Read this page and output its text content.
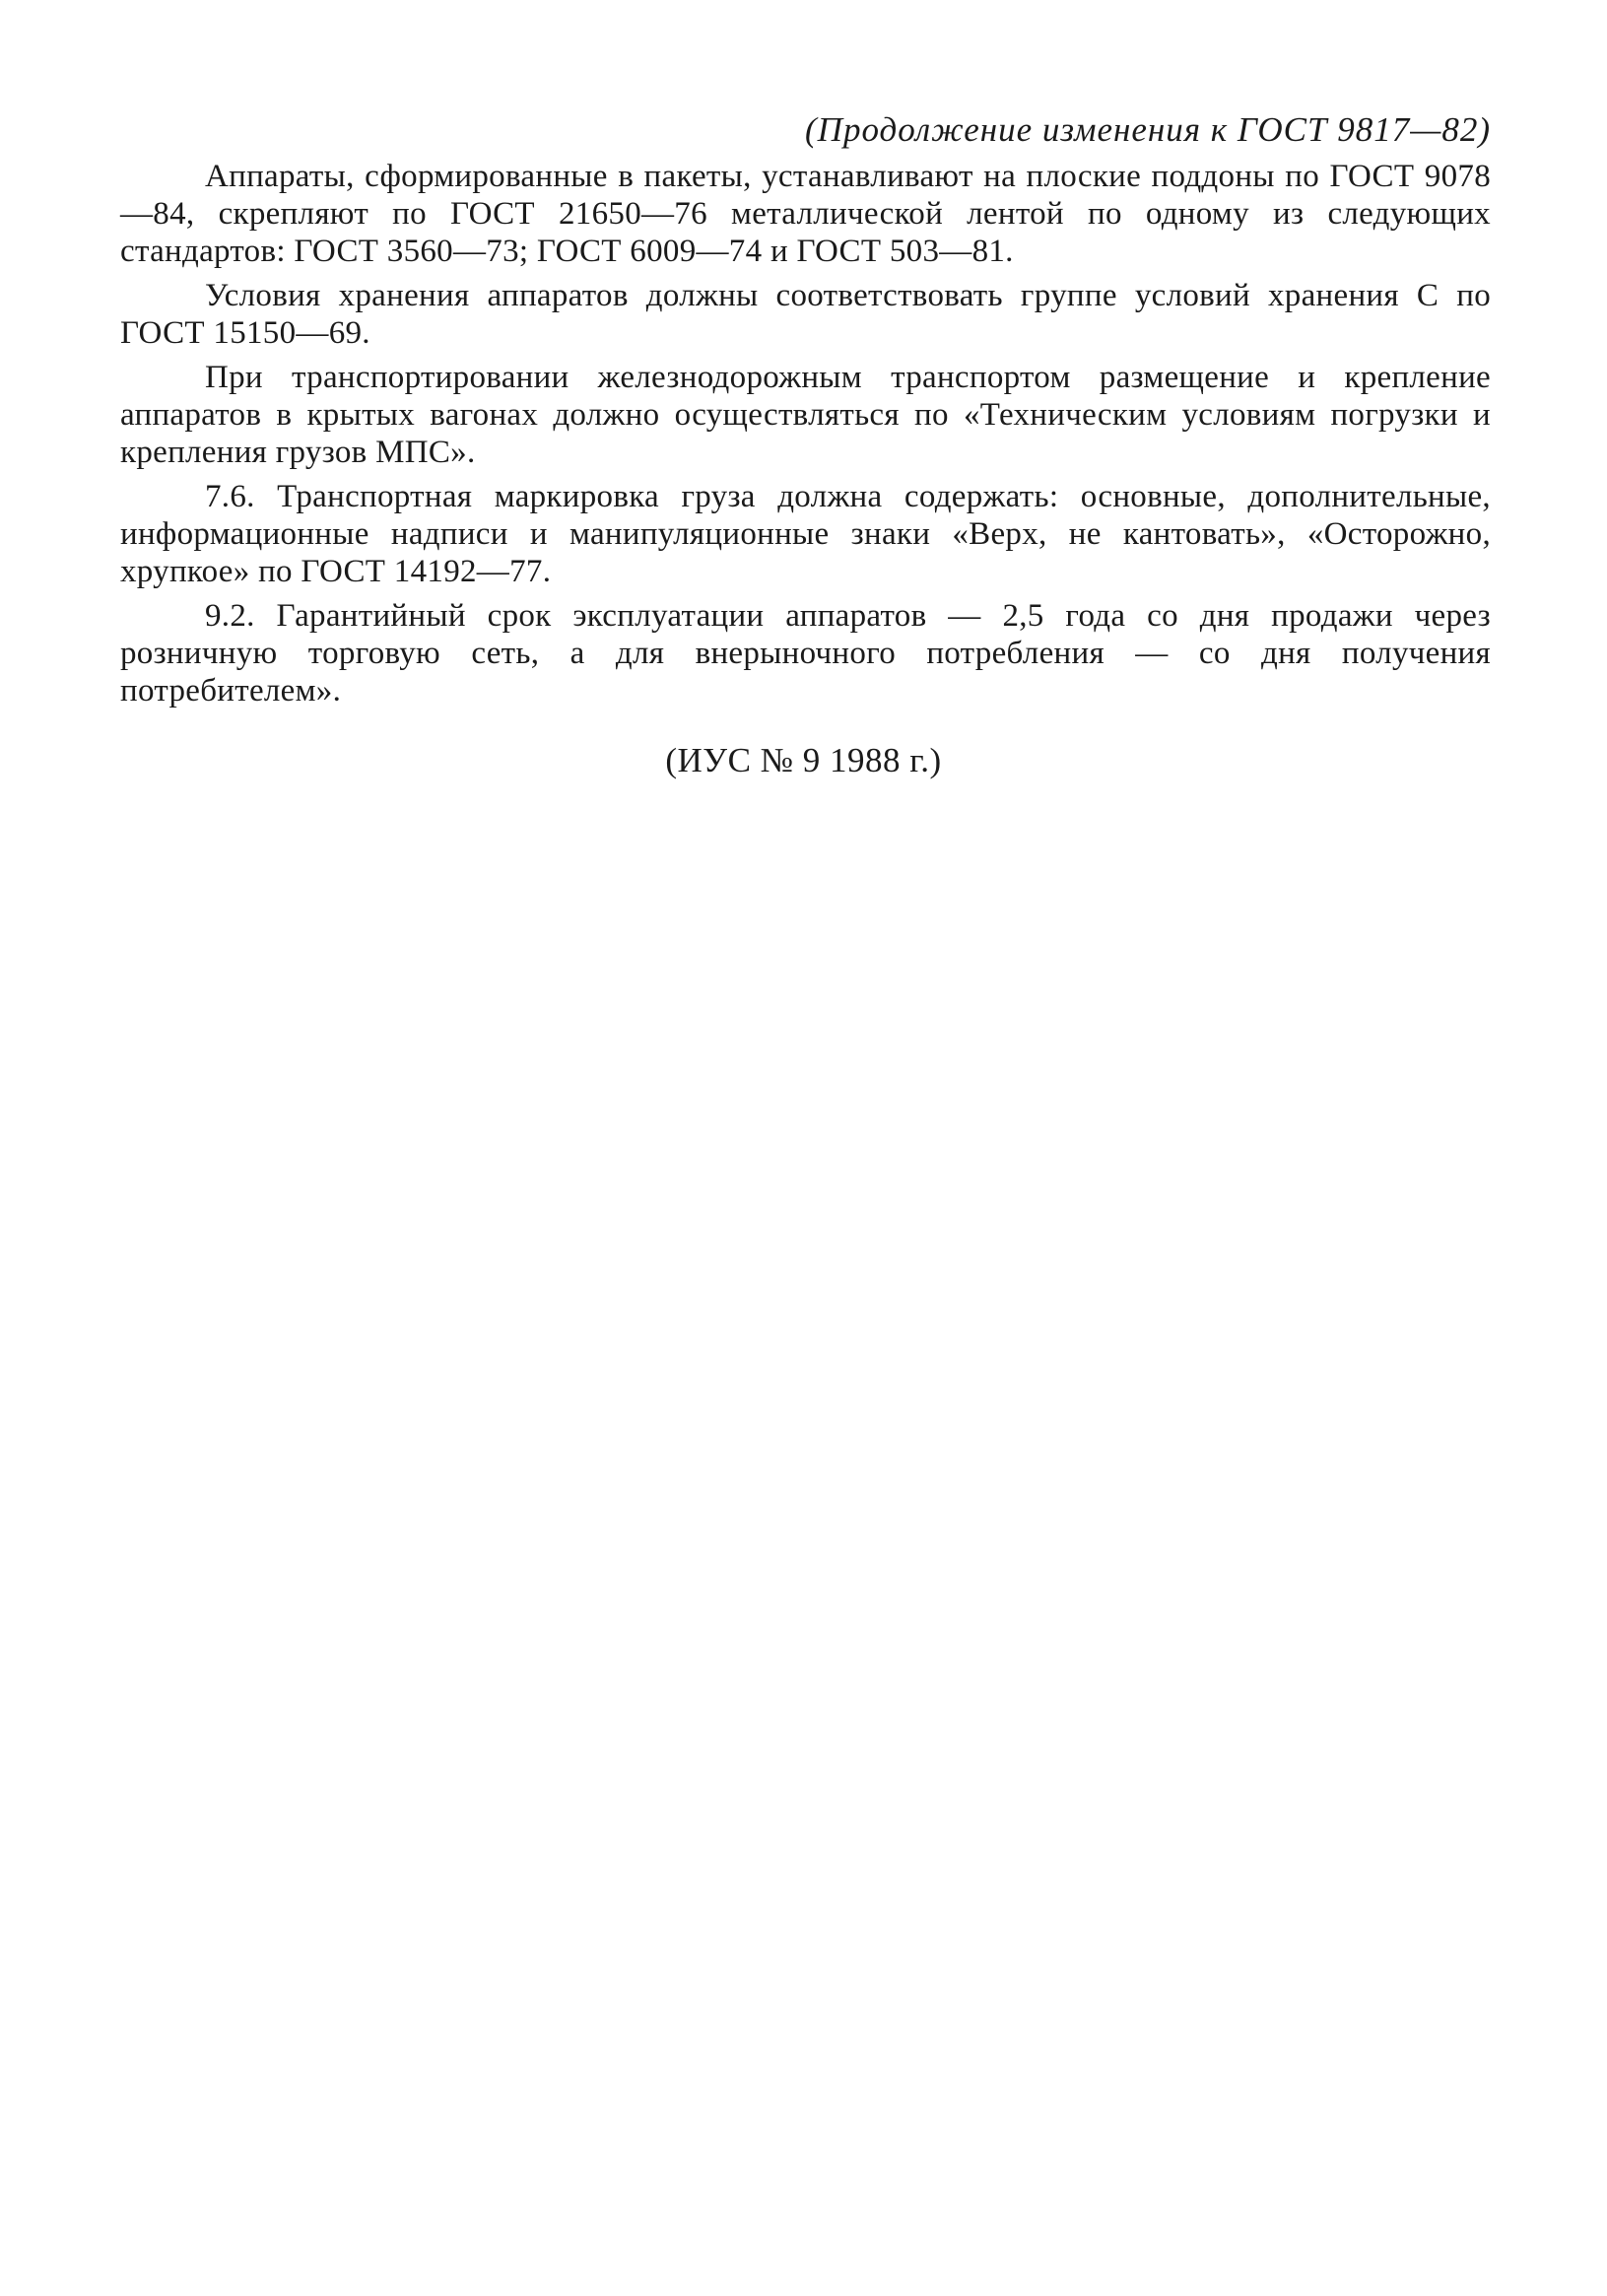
(Продолжение изменения к ГОСТ 9817—82)

Аппараты, сформированные в пакеты, устанавливают на плоские поддоны по ГОСТ 9078—84, скрепляют по ГОСТ 21650—76 металлической лентой по одному из следующих стандартов: ГОСТ 3560—73; ГОСТ 6009—74 и ГОСТ 503—81.

Условия хранения аппаратов должны соответствовать группе условий хранения С по ГОСТ 15150—69.

При транспортировании железнодорожным транспортом размещение и крепление аппаратов в крытых вагонах должно осуществляться по «Техническим условиям погрузки и крепления грузов МПС».

7.6. Транспортная маркировка груза должна содержать: основные, дополнительные, информационные надписи и манипуляционные знаки «Верх, не кантовать», «Осторожно, хрупкое» по ГОСТ 14192—77.

9.2. Гарантийный срок эксплуатации аппаратов — 2,5 года со дня продажи через розничную торговую сеть, а для внерыночного потребления — со дня получения потребителем».

(ИУС № 9 1988 г.)
